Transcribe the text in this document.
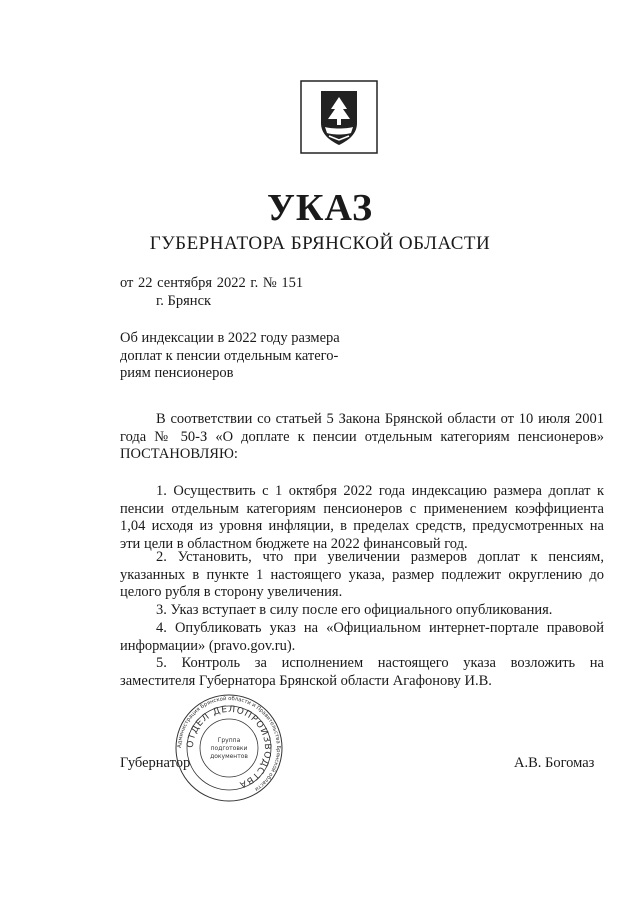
УКАЗ
ГУБЕРНАТОРА БРЯНСКОЙ ОБЛАСТИ
от 22 сентября 2022 г. № 151
г. Брянск
Об индексации в 2022 году размера
доплат к пенсии отдельным катего-
риям пенсионеров
В соответствии со статьей 5 Закона Брянской области от 10 июля 2001 года № 50-З «О доплате к пенсии отдельным категориям пенсионеров» ПОСТАНОВЛЯЮ:
1. Осуществить с 1 октября 2022 года индексацию размера доплат к пенсии отдельным категориям пенсионеров с применением коэффициента 1,04 исходя из уровня инфляции, в пределах средств, предусмотренных на эти цели в областном бюджете на 2022 финансовый год.
2. Установить, что при увеличении размеров доплат к пенсиям, указанных в пункте 1 настоящего указа, размер подлежит округлению до целого рубля в сторону увеличения.
3. Указ вступает в силу после его официального опубликования.
4. Опубликовать указ на «Официальном интернет-портале правовой информации» (pravo.gov.ru).
5. Контроль за исполнением настоящего указа возложить на заместителя Губернатора Брянской области Агафонову И.В.
Губернатор	А.В. Богомаз
Администрация Брянской области и Правительства Брянской области
ОТДЕЛ ДЕЛОПРОИЗВОДСТВА
Группа
подготовки
документов
